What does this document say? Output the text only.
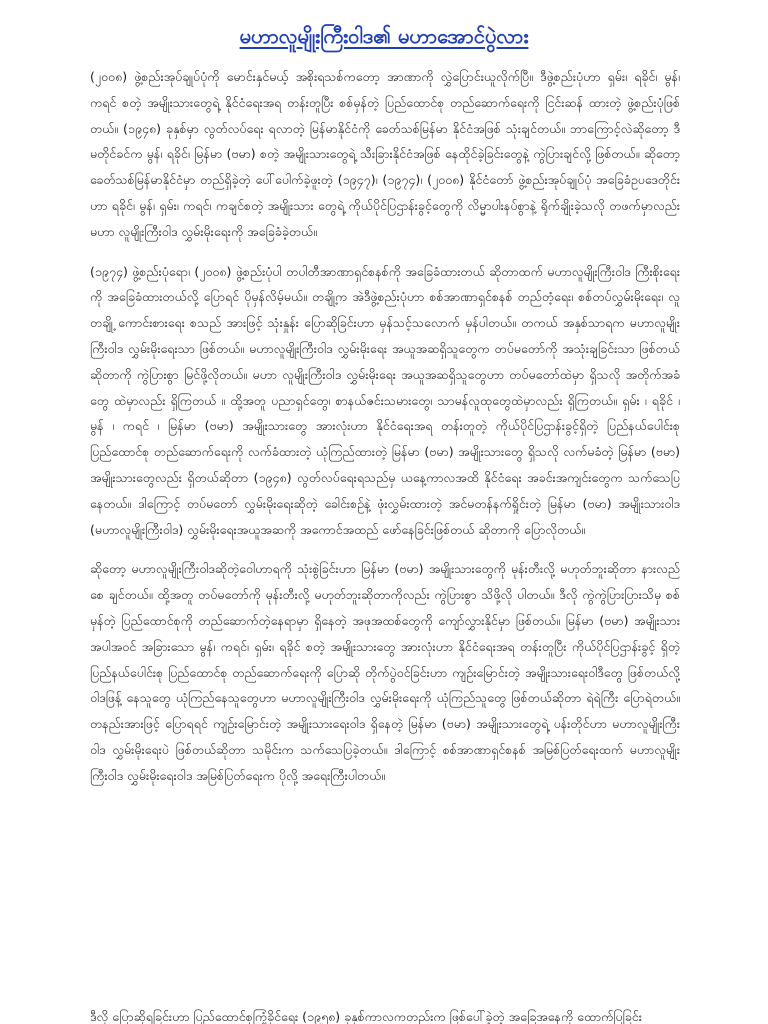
မဟာလူမျိုးကြီးဝါဒ၏ မဟာအောင်ပွဲလား

(၂၀၀၈) ဖွဲ့စည်းအုပ်ချုပ်ပုံကို မောင်းနှင်မယ့် အစိုးရသစ်ကတော့ အာဏာကို လွှဲပြောင်းယူလိုက်ပြီ။ ဒီဖွဲ့စည်းပုံဟာ ရှမ်း၊ ရခိုင်၊ မွန်၊ ကရင် စတဲ့ အမျိုးသားတွေရဲ့ နိုင်ငံရေးအရ တန်းတူပြီး စစ်မှန်တဲ့ ပြည်ထောင်စု တည်ဆောက်ရေးကို ငြင်းဆန် ထားတဲ့ ဖွဲ့စည်းပုံဖြစ်တယ်။ (၁၉၄၈) ခုနှစ်မှာ လွတ်လပ်ရေး ရလာတဲ့ မြန်မာနိုင်ငံကို ခေတ်သစ်မြန်မာ နိုင်ငံအဖြစ် သုံးချင်တယ်။ ဘာကြောင့်လဲဆိုတော့ ဒီ မတိုင်ခင်က မွန်၊ ရခိုင်၊ မြန်မာ (ဗမာ) စတဲ့ အမျိုးသားတွေရဲ့ သီးခြားနိုင်ငံအဖြစ် နေထိုင်ခဲ့ခြင်းတွေနဲ့ ကွဲပြားချင်လို့ ဖြစ်တယ်။ ဆိုတော့ ခေတ်သစ်မြန်မာနိုင်ငံမှာ တည်ရှိခဲ့တဲ့ ပေါ်ပေါက်ခဲ့ဖူးတဲ့ (၁၉၄၇)၊ (၁၉၇၄)၊ (၂၀၀၈) နိုင်ငံတော် ဖွဲ့စည်းအုပ်ချုပ်ပုံ အခြေခံဥပဒေတိုင်းဟာ ရခိုင်၊ မွန်၊ ရှမ်း၊ ကရင်၊ ကချင်စတဲ့ အမျိုးသား တွေရဲ့ ကိုယ်ပိုင်ပြဌာန်းခွင့်တွေကို လိမ္မာပါးနပ်စွာနဲ့ ရိုက်ချိုးခဲ့သလို တဖက်မှာလည်း မဟာ လူမျိုးကြီးဝါဒ လွှမ်းမိုးရေးကို အခြေခံခဲ့တယ်။

(၁၉၇၄) ဖွဲ့စည်းပုံရော၊ (၂၀၀၈) ဖွဲ့စည်းပုံပါ တပါတီအာဏာရှင်စနစ်ကို အခြေခံထားတယ် ဆိုတာထက် မဟာလူမျိုးကြီးဝါဒ ကြီးစိုးရေးကို အခြေခံထားတယ်လို့ ပြောရင် ပိုမှန်လိမ့်မယ်။ တချို့က အဲဒီဖွဲ့စည်းပုံဟာ စစ်အာဏာရှင်စနစ် တည်တံ့ရေး၊ စစ်တပ်လွှမ်းမိုးရေး၊ လူတချို့ ကောင်းစားရေး စသည် အားဖြင့် သုံးနှုန်း ပြောဆိုခြင်းဟာ မှန်သင့်သလောက် မှန်ပါတယ်။ တကယ် အနှစ်သာရက မဟာလူမျိုးကြီးဝါဒ လွှမ်းမိုးရေးသာ ဖြစ်တယ်။ မဟာလူမျိုးကြီးဝါဒ လွှမ်းမိုးရေး အယူအဆရှိသူတွေက တပ်မတော်ကို အသုံးချခြင်းသာ ဖြစ်တယ်ဆိုတာကို ကွဲပြားစွာ မြင်ဖို့လိုတယ်။ မဟာ လူမျိုးကြီးဝါဒ လွှမ်းမိုးရေး အယူအဆရှိသူတွေဟာ တပ်မတော်ထဲမှာ ရှိသလို အတိုက်အခံတွေ ထဲမှာလည်း ရှိကြတယ် ။ ထို့အတူ ပညာရှင်တွေ၊ စာနယ်ဇင်းသမားတွေ၊ သာမန်လူထုတွေထဲမှာလည်း ရှိကြတယ်။ ရှမ်း ၊ ရခိုင် ၊ မွန် ၊ ကရင် ၊ မြန်မာ (ဗမာ) အမျိုးသားတွေ အားလုံးဟာ နိုင်ငံရေးအရ တန်းတူတဲ့ ကိုယ်ပိုင်ပြဌာန်းခွင့်ရှိတဲ့ ပြည်နယ်ပေါင်းစု ပြည်ထောင်စု တည်ဆောက်ရေးကို လက်ခံထားတဲ့ ယုံကြည်ထားတဲ့ မြန်မာ (ဗမာ) အမျိုးသားတွေ ရှိသလို လက်မခံတဲ့ မြန်မာ (ဗမာ) အမျိုးသားတွေလည်း ရှိတယ်ဆိုတာ (၁၉၄၈) လွတ်လပ်ရေးရသည်မှ ယနေ့ကာလအထိ နိုင်ငံရေး အခင်းအကျင်းတွေက သက်သေပြနေတယ်။ ဒါကြောင့် တပ်မတော် လွှမ်းမိုးရေးဆိုတဲ့ ခေါင်းစဉ်နဲ့ ဖုံးလွှမ်းထားတဲ့ အင်မတန်နက်ရှိုင်းတဲ့ မြန်မာ (ဗမာ) အမျိုးသားဝါဒ (မဟာလူမျိုးကြီးဝါဒ) လွှမ်းမိုးရေးအယူအဆကို အကောင်အထည် ဖော်နေခြင်းဖြစ်တယ် ဆိုတာကို ပြောလိုတယ်။

ဆိုတော့ မဟာလူမျိုးကြီးဝါဒဆိုတဲ့ဝေါဟာရကို သုံးစွဲခြင်းဟာ မြန်မာ (ဗမာ) အမျိုးသားတွေကို မုန်းတီးလို့ မဟုတ်ဘူးဆိုတာ နားလည်စေ ချင်တယ်။ ထို့အတူ တပ်မတော်ကို မုန်းတီးလို့ မဟုတ်ဘူးဆိုတာကိုလည်း ကွဲပြားစွာ သိဖို့လို ပါတယ်။ ဒီလို ကွဲကွဲပြားပြားသိမှ စစ်မှန်တဲ့ ပြည်ထောင်စုကို တည်ဆောက်တဲ့နေရာမှာ ရှိနေတဲ့ အဖုအထစ်တွေကို ကျော်လွှားနိုင်မှာ ဖြစ်တယ်။ မြန်မာ (ဗမာ) အမျိုးသား အပါအဝင် အခြားသော မွန်၊ ကရင်၊ ရှမ်း၊ ရခိုင် စတဲ့ အမျိုးသားတွေ အားလုံးဟာ နိုင်ငံရေးအရ တန်းတူပြီး ကိုယ်ပိုင်ပြဌာန်းခွင့် ရှိတဲ့ပြည်နယ်ပေါင်းစု ပြည်ထောင်စု တည်ဆောက်ရေးကို ပြောဆို တိုက်ပွဲဝင်ခြင်းဟာ ကျဉ်းမြောင်းတဲ့ အမျိုးသားရေးဝါဒီတွေ ဖြစ်တယ်လို့ ဝါဒဖြန့် နေသူတွေ ယုံကြည်နေသူတွေဟာ မဟာလူမျိုးကြီးဝါဒ လွှမ်းမိုးရေးကို ယုံကြည်သူတွေ ဖြစ်တယ်ဆိုတာ ရဲရဲကြီး ပြောရဲတယ်။ တနည်းအားဖြင့် ပြောရရင် ကျဉ်းမြောင်းတဲ့ အမျိုးသားရေးဝါဒ ရှိနေတဲ့ မြန်မာ (ဗမာ) အမျိုးသားတွေရဲ့ ပန်းတိုင်ဟာ မဟာလူမျိုးကြီးဝါဒ လွှမ်းမိုးရေးပဲ ဖြစ်တယ်ဆိုတာ သမိုင်းက သက်သေပြခဲ့တယ်။ ဒါကြောင့် စစ်အာဏာရှင်စနစ် အမြစ်ပြတ်ရေးထက် မဟာလူမျိုး ကြီးဝါဒ လွှမ်းမိုးရေးဝါဒ အမြစ်ပြတ်ရေးက ပိုလို့ အရေးကြီးပါတယ်။

ဒီလို ပြောဆိုရခြင်းဟာ ပြည်ထောင်စုကြံ့ခိုင်ရေး (၁၉၅၈) ခုနှစ်ကာလကတည်းက ဖြစ်ပေါ်ခဲ့တဲ့ အခြေအနေကို ထောက်ပြခြင်း
